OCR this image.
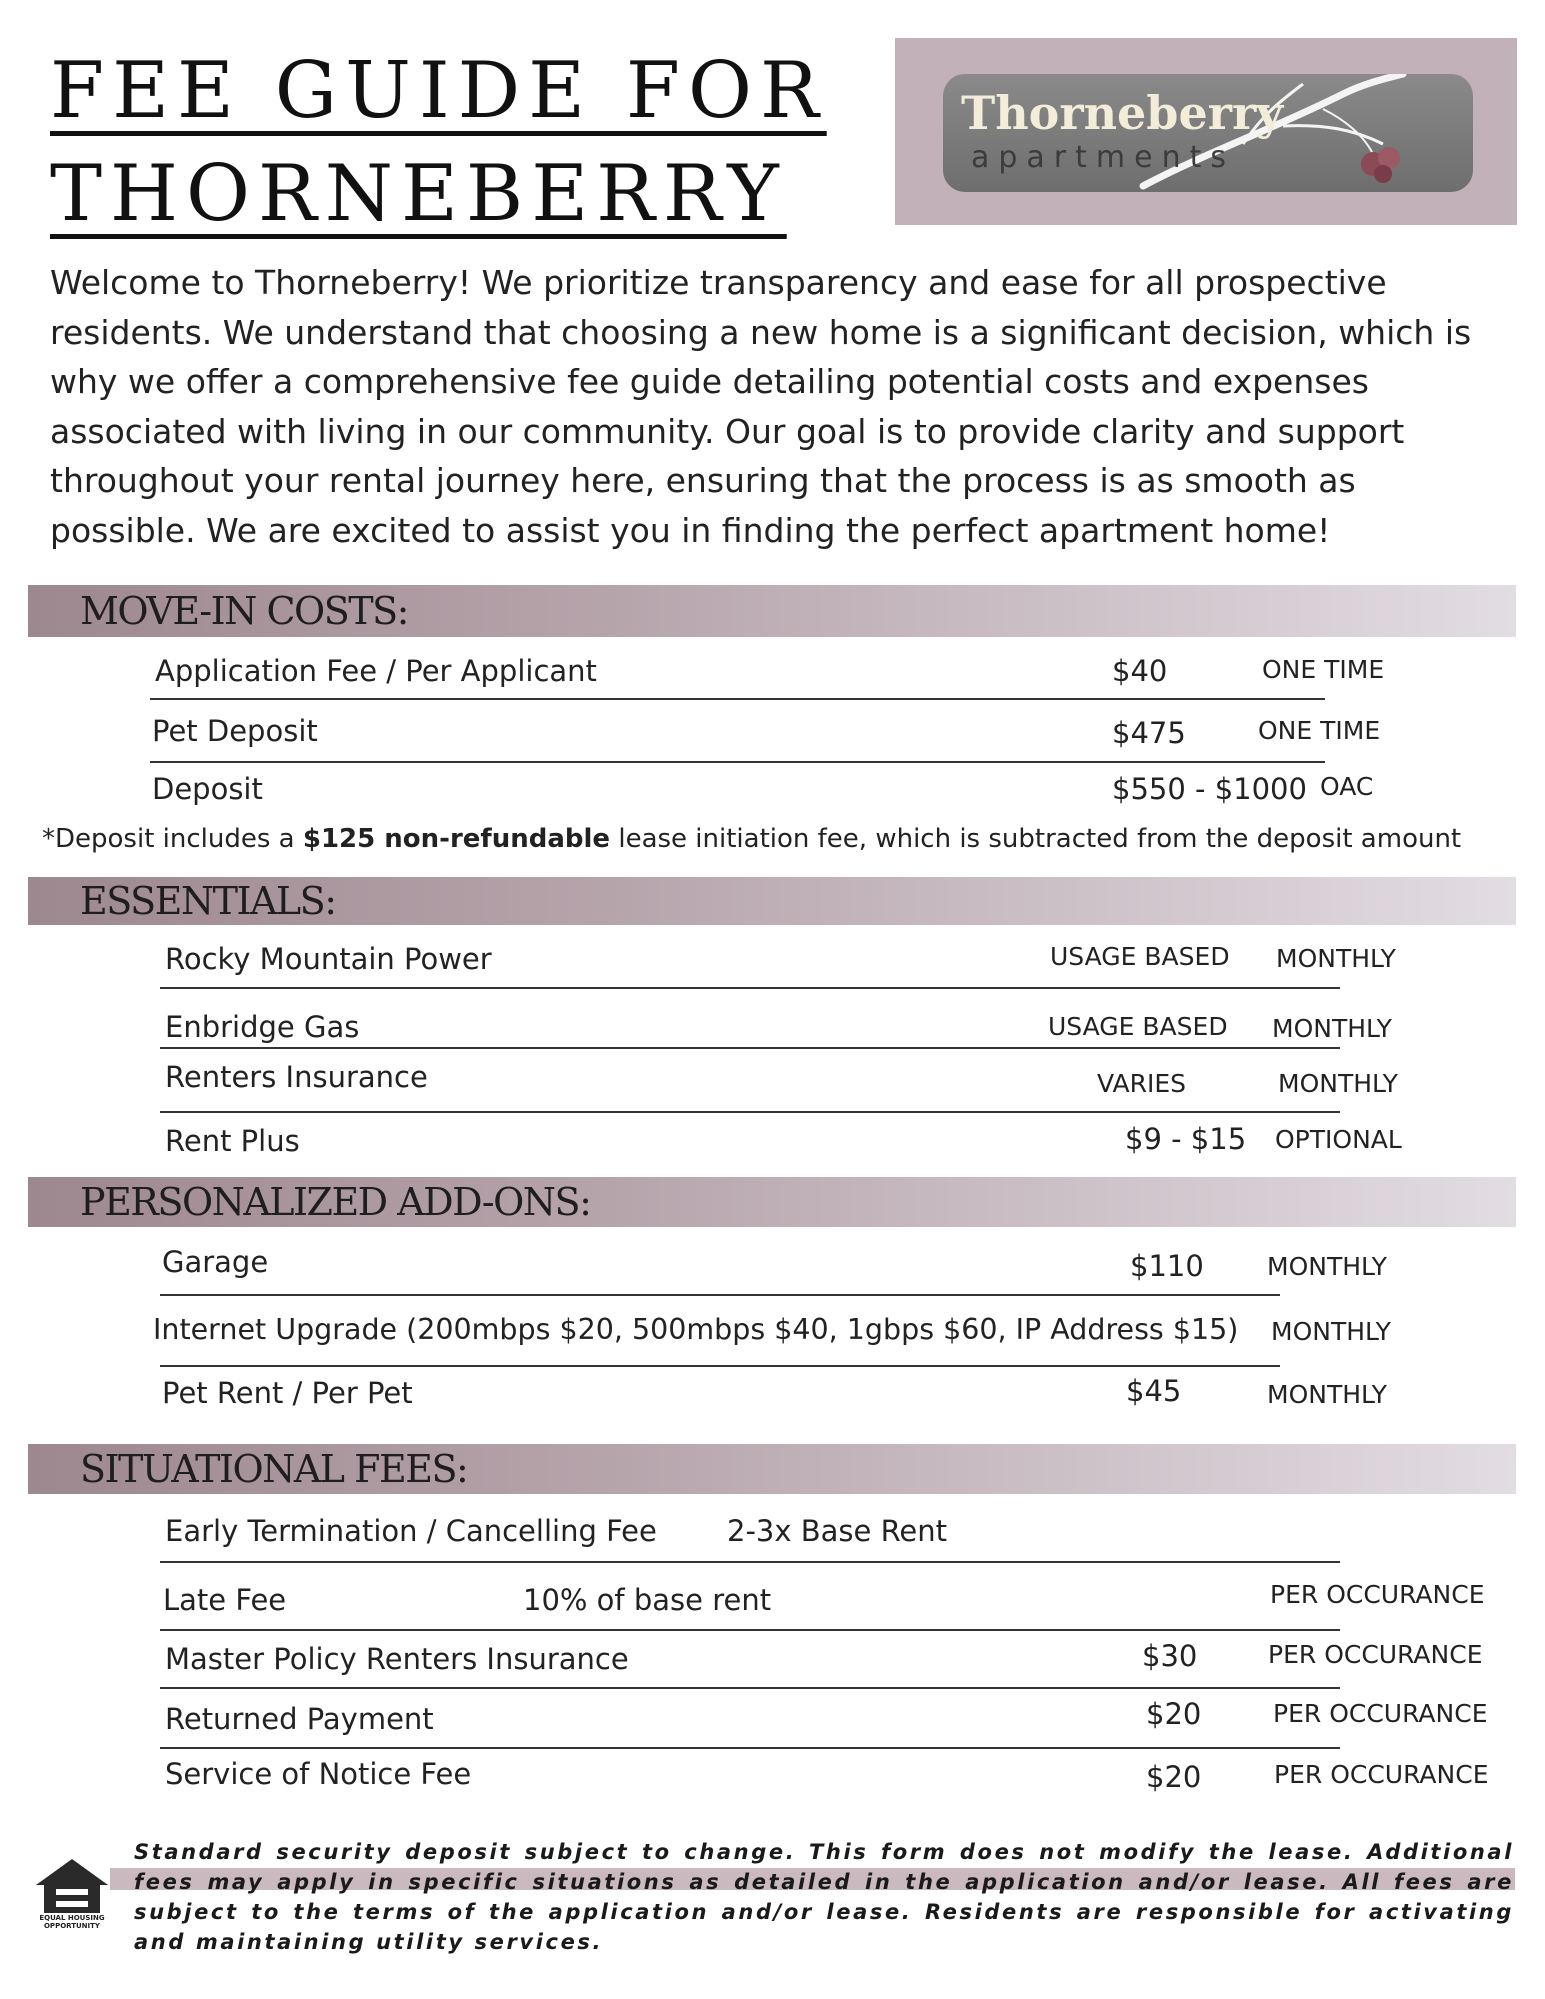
FEE GUIDE FOR
THORNEBERRY
Thorneberry
apartments
Welcome to Thorneberry! We prioritize transparency and ease for all prospective residents. We understand that choosing a new home is a significant decision, which is why we offer a comprehensive fee guide detailing potential costs and expenses associated with living in our community. Our goal is to provide clarity and support throughout your rental journey here, ensuring that the process is as smooth as possible. We are excited to assist you in finding the perfect apartment home!
MOVE-IN COSTS:
Application Fee / Per Applicant	$40	ONE TIME
Pet Deposit	$475	ONE TIME
Deposit	$550 - $1000 OAC
*Deposit includes a $125 non-refundable lease initiation fee, which is subtracted from the deposit amount
ESSENTIALS:
Rocky Mountain Power	USAGE BASED MONTHLY
Enbridge Gas	USAGE BASED MONTHLY
Renters Insurance	VARIES	MONTHLY
Rent Plus	$9 - $15 OPTIONAL
PERSONALIZED ADD-ONS:
Garage	$110	MONTHLY
Internet Upgrade (200mbps $20, 500mbps $40, 1gbps $60, IP Address $15) MONTHLY
Pet Rent / Per Pet	$45	MONTHLY
SITUATIONAL FEES:
Early Termination / Cancelling Fee 2-3x Base Rent
Late Fee	10% of base rent	PER OCCURANCE
Master Policy Renters Insurance	$30	PER OCCURANCE
Returned Payment	$20	PER OCCURANCE
Service of Notice Fee	$20	PER OCCURANCE
EQUAL HOUSING OPPORTUNITY
Standard security deposit subject to change. This form does not modify the lease. Additional fees may apply in specific situations as detailed in the application and/or lease. All fees are subject to the terms of the application and/or lease. Residents are responsible for activating and maintaining utility services.
